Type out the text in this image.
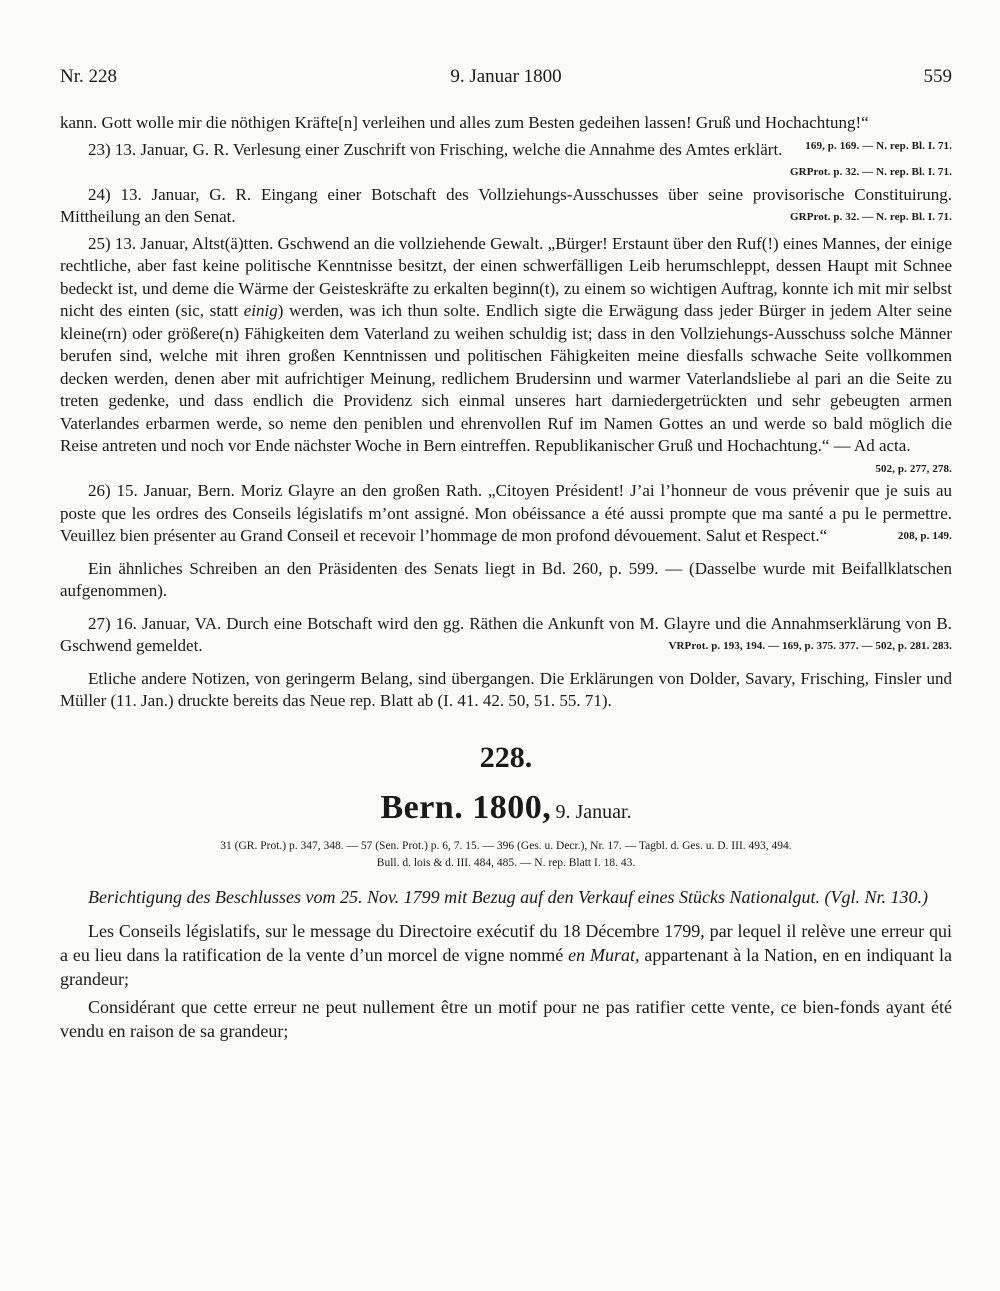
Nr. 228	9. Januar 1800	559

kann. Gott wolle mir die nöthigen Kräfte[n] verleihen und alles zum Besten gedeihen lassen! Gruß und Hochachtung!“
169, p. 169. — N. rep. Bl. I. 71.

23) 13. Januar, G. R. Verlesung einer Zuschrift von Frisching, welche die Annahme des Amtes erklärt.
GRProt. p. 32. — N. rep. Bl. I. 71.

24) 13. Januar, G. R. Eingang einer Botschaft des Vollziehungs-Ausschusses über seine provisorische Constituirung. Mittheilung an den Senat.	GRProt. p. 32. — N. rep. Bl. I. 71.

25) 13. Januar, Altst(ä)tten. Gschwend an die vollziehende Gewalt. „Bürger! Erstaunt über den Ruf(!) eines Mannes, der einige rechtliche, aber fast keine politische Kenntnisse besitzt, der einen schwerfälligen Leib herumschleppt, dessen Haupt mit Schnee bedeckt ist, und deme die Wärme der Geisteskräfte zu erkalten beginn(t), zu einem so wichtigen Auftrag, konnte ich mit mir selbst nicht des einten (sic, statt einig) werden, was ich thun solte. Endlich sigte die Erwägung dass jeder Bürger in jedem Alter seine kleine(rn) oder größere(n) Fähigkeiten dem Vaterland zu weihen schuldig ist; dass in den Vollziehungs-Ausschuss solche Männer berufen sind, welche mit ihren großen Kenntnissen und politischen Fähigkeiten meine diesfalls schwache Seite vollkommen decken werden, denen aber mit aufrichtiger Meinung, redlichem Brudersinn und warmer Vaterlandsliebe al pari an die Seite zu treten gedenke, und dass endlich die Providenz sich einmal unseres hart darniedergetrückten und sehr gebeugten armen Vaterlandes erbarmen werde, so neme den peniblen und ehrenvollen Ruf im Namen Gottes an und werde so bald möglich die Reise antreten und noch vor Ende nächster Woche in Bern eintreffen. Republikanischer Gruß und Hochachtung.“ — Ad acta.
502, p. 277, 278.

26) 15. Januar, Bern. Moriz Glayre an den großen Rath. „Citoyen Président! J’ai l’honneur de vous prévenir que je suis au poste que les ordres des Conseils législatifs m’ont assigné. Mon obéissance a été aussi prompte que ma santé a pu le permettre. Veuillez bien présenter au Grand Conseil et recevoir l’hommage de mon profond dévouement. Salut et Respect.“	208, p. 149.

Ein ähnliches Schreiben an den Präsidenten des Senats liegt in Bd. 260, p. 599. — (Dasselbe wurde mit Beifallklatschen aufgenommen).

27) 16. Januar, VA. Durch eine Botschaft wird den gg. Räthen die Ankunft von M. Glayre und die Annahmserklärung von B. Gschwend gemeldet.	VRProt. p. 193, 194. — 169, p. 375. 377. — 502, p. 281. 283.

Etliche andere Notizen, von geringerm Belang, sind übergangen. Die Erklärungen von Dolder, Savary, Frisching, Finsler und Müller (11. Jan.) druckte bereits das Neue rep. Blatt ab (I. 41. 42. 50, 51. 55. 71).

228.
Bern. 1800, 9. Januar.
31 (GR. Prot.) p. 347, 348. — 57 (Sen. Prot.) p. 6, 7. 15. — 396 (Ges. u. Decr.), Nr. 17. — Tagbl. d. Ges. u. D. III. 493, 494.
Bull. d. lois & d. III. 484, 485. — N. rep. Blatt I. 18. 43.

Berichtigung des Beschlusses vom 25. Nov. 1799 mit Bezug auf den Verkauf eines Stücks Nationalgut. (Vgl. Nr. 130.)

Les Conseils législatifs, sur le message du Directoire exécutif du 18 Décembre 1799, par lequel il relève une erreur qui a eu lieu dans la ratification de la vente d’un morcel de vigne nommé en Murat, appartenant à la Nation, en en indiquant la grandeur;

Considérant que cette erreur ne peut nullement être un motif pour ne pas ratifier cette vente, ce bien-fonds ayant été vendu en raison de sa grandeur;
